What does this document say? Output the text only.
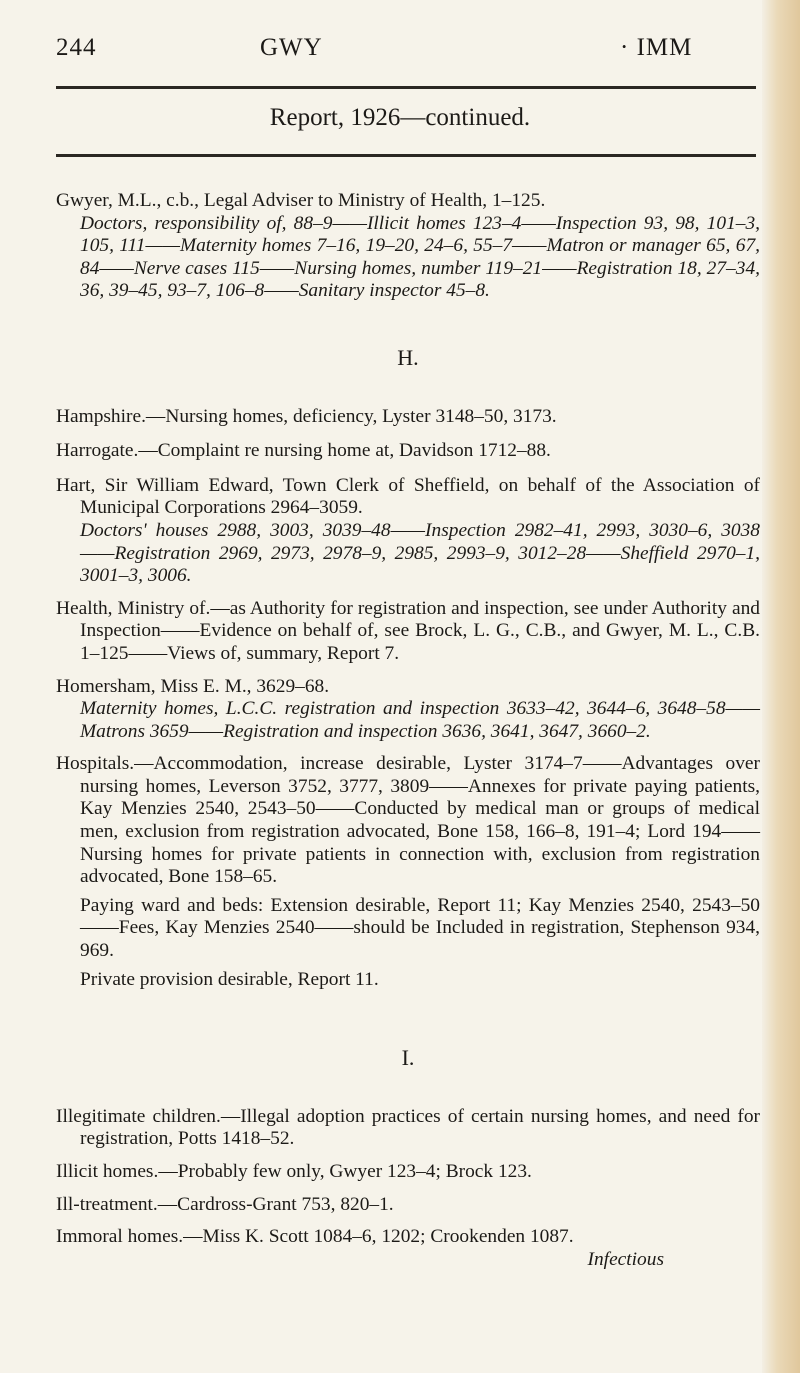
244	GWY	· IMM
Report, 1926—continued.

Gwyer, M.L., c.b., Legal Adviser to Ministry of Health, 1–125.

Doctors, responsibility of, 88–9——Illicit homes 123–4——Inspection 93, 98, 101–3, 105, 111——Maternity homes 7–16, 19–20, 24–6, 55–7——Matron or manager 65, 67, 84——Nerve cases 115——Nursing homes, number 119–21——Registration 18, 27–34, 36, 39–45, 93–7, 106–8——Sanitary inspector 45–8.

H.

Hampshire.—Nursing homes, deficiency, Lyster 3148–50, 3173.

Harrogate.—Complaint re nursing home at, Davidson 1712–88.

Hart, Sir William Edward, Town Clerk of Sheffield, on behalf of the Association of Municipal Corporations 2964–3059.

Doctors' houses 2988, 3003, 3039–48——Inspection 2982–41, 2993, 3030–6, 3038——Registration 2969, 2973, 2978–9, 2985, 2993–9, 3012–28——Sheffield 2970–1, 3001–3, 3006.

Health, Ministry of.—as Authority for registration and inspection, see under Authority and Inspection——Evidence on behalf of, see Brock, L. G., C.B., and Gwyer, M. L., C.B. 1–125——Views of, summary, Report 7.

Homersham, Miss E. M., 3629–68.

Maternity homes, L.C.C. registration and inspection 3633–42, 3644–6, 3648–58——Matrons 3659——Registration and inspection 3636, 3641, 3647, 3660–2.

Hospitals.—Accommodation, increase desirable, Lyster 3174–7——Advantages over nursing homes, Leverson 3752, 3777, 3809——Annexes for private paying patients, Kay Menzies 2540, 2543–50——Conducted by medical man or groups of medical men, exclusion from registration advocated, Bone 158, 166–8, 191–4; Lord 194——Nursing homes for private patients in connection with, exclusion from registration advocated, Bone 158–65.

Paying ward and beds: Extension desirable, Report 11; Kay Menzies 2540, 2543–50——Fees, Kay Menzies 2540——should be Included in registration, Stephenson 934, 969.

Private provision desirable, Report 11.

I.

Illegitimate children.—Illegal adoption practices of certain nursing homes, and need for registration, Potts 1418–52.

Illicit homes.—Probably few only, Gwyer 123–4; Brock 123.

Ill-treatment.—Cardross-Grant 753, 820–1.

Immoral homes.—Miss K. Scott 1084–6, 1202; Crookenden 1087.

Infectious
